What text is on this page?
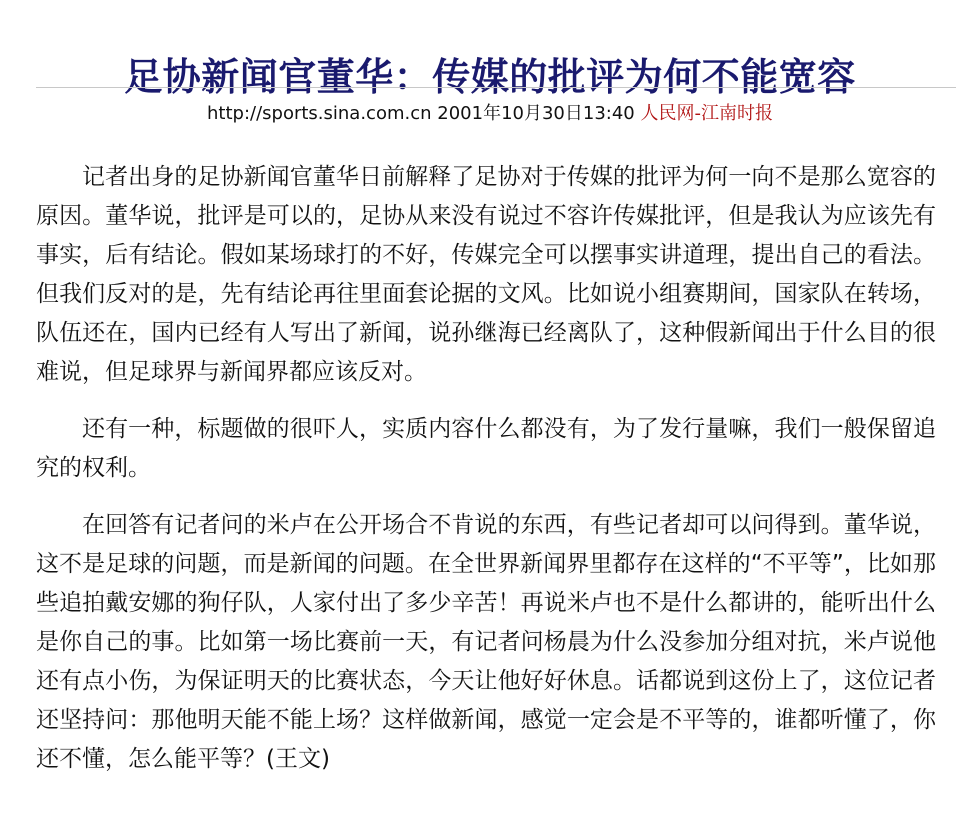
足协新闻官董华：传媒的批评为何不能宽容
http://sports.sina.com.cn 2001年10月30日13:40 人民网-江南时报

记者出身的足协新闻官董华日前解释了足协对于传媒的批评为何一向不是那么宽容的原因。董华说，批评是可以的，足协从来没有说过不容许传媒批评，但是我认为应该先有事实，后有结论。假如某场球打的不好，传媒完全可以摆事实讲道理，提出自己的看法。但我们反对的是，先有结论再往里面套论据的文风。比如说小组赛期间，国家队在转场，队伍还在，国内已经有人写出了新闻，说孙继海已经离队了，这种假新闻出于什么目的很难说，但足球界与新闻界都应该反对。

还有一种，标题做的很吓人，实质内容什么都没有，为了发行量嘛，我们一般保留追究的权利。

在回答有记者问的米卢在公开场合不肯说的东西，有些记者却可以问得到。董华说，这不是足球的问题，而是新闻的问题。在全世界新闻界里都存在这样的“不平等”，比如那些追拍戴安娜的狗仔队，人家付出了多少辛苦！再说米卢也不是什么都讲的，能听出什么是你自己的事。比如第一场比赛前一天，有记者问杨晨为什么没参加分组对抗，米卢说他还有点小伤，为保证明天的比赛状态，今天让他好好休息。话都说到这份上了，这位记者还坚持问：那他明天能不能上场？这样做新闻，感觉一定会是不平等的，谁都听懂了，你还不懂，怎么能平等？(王文)
